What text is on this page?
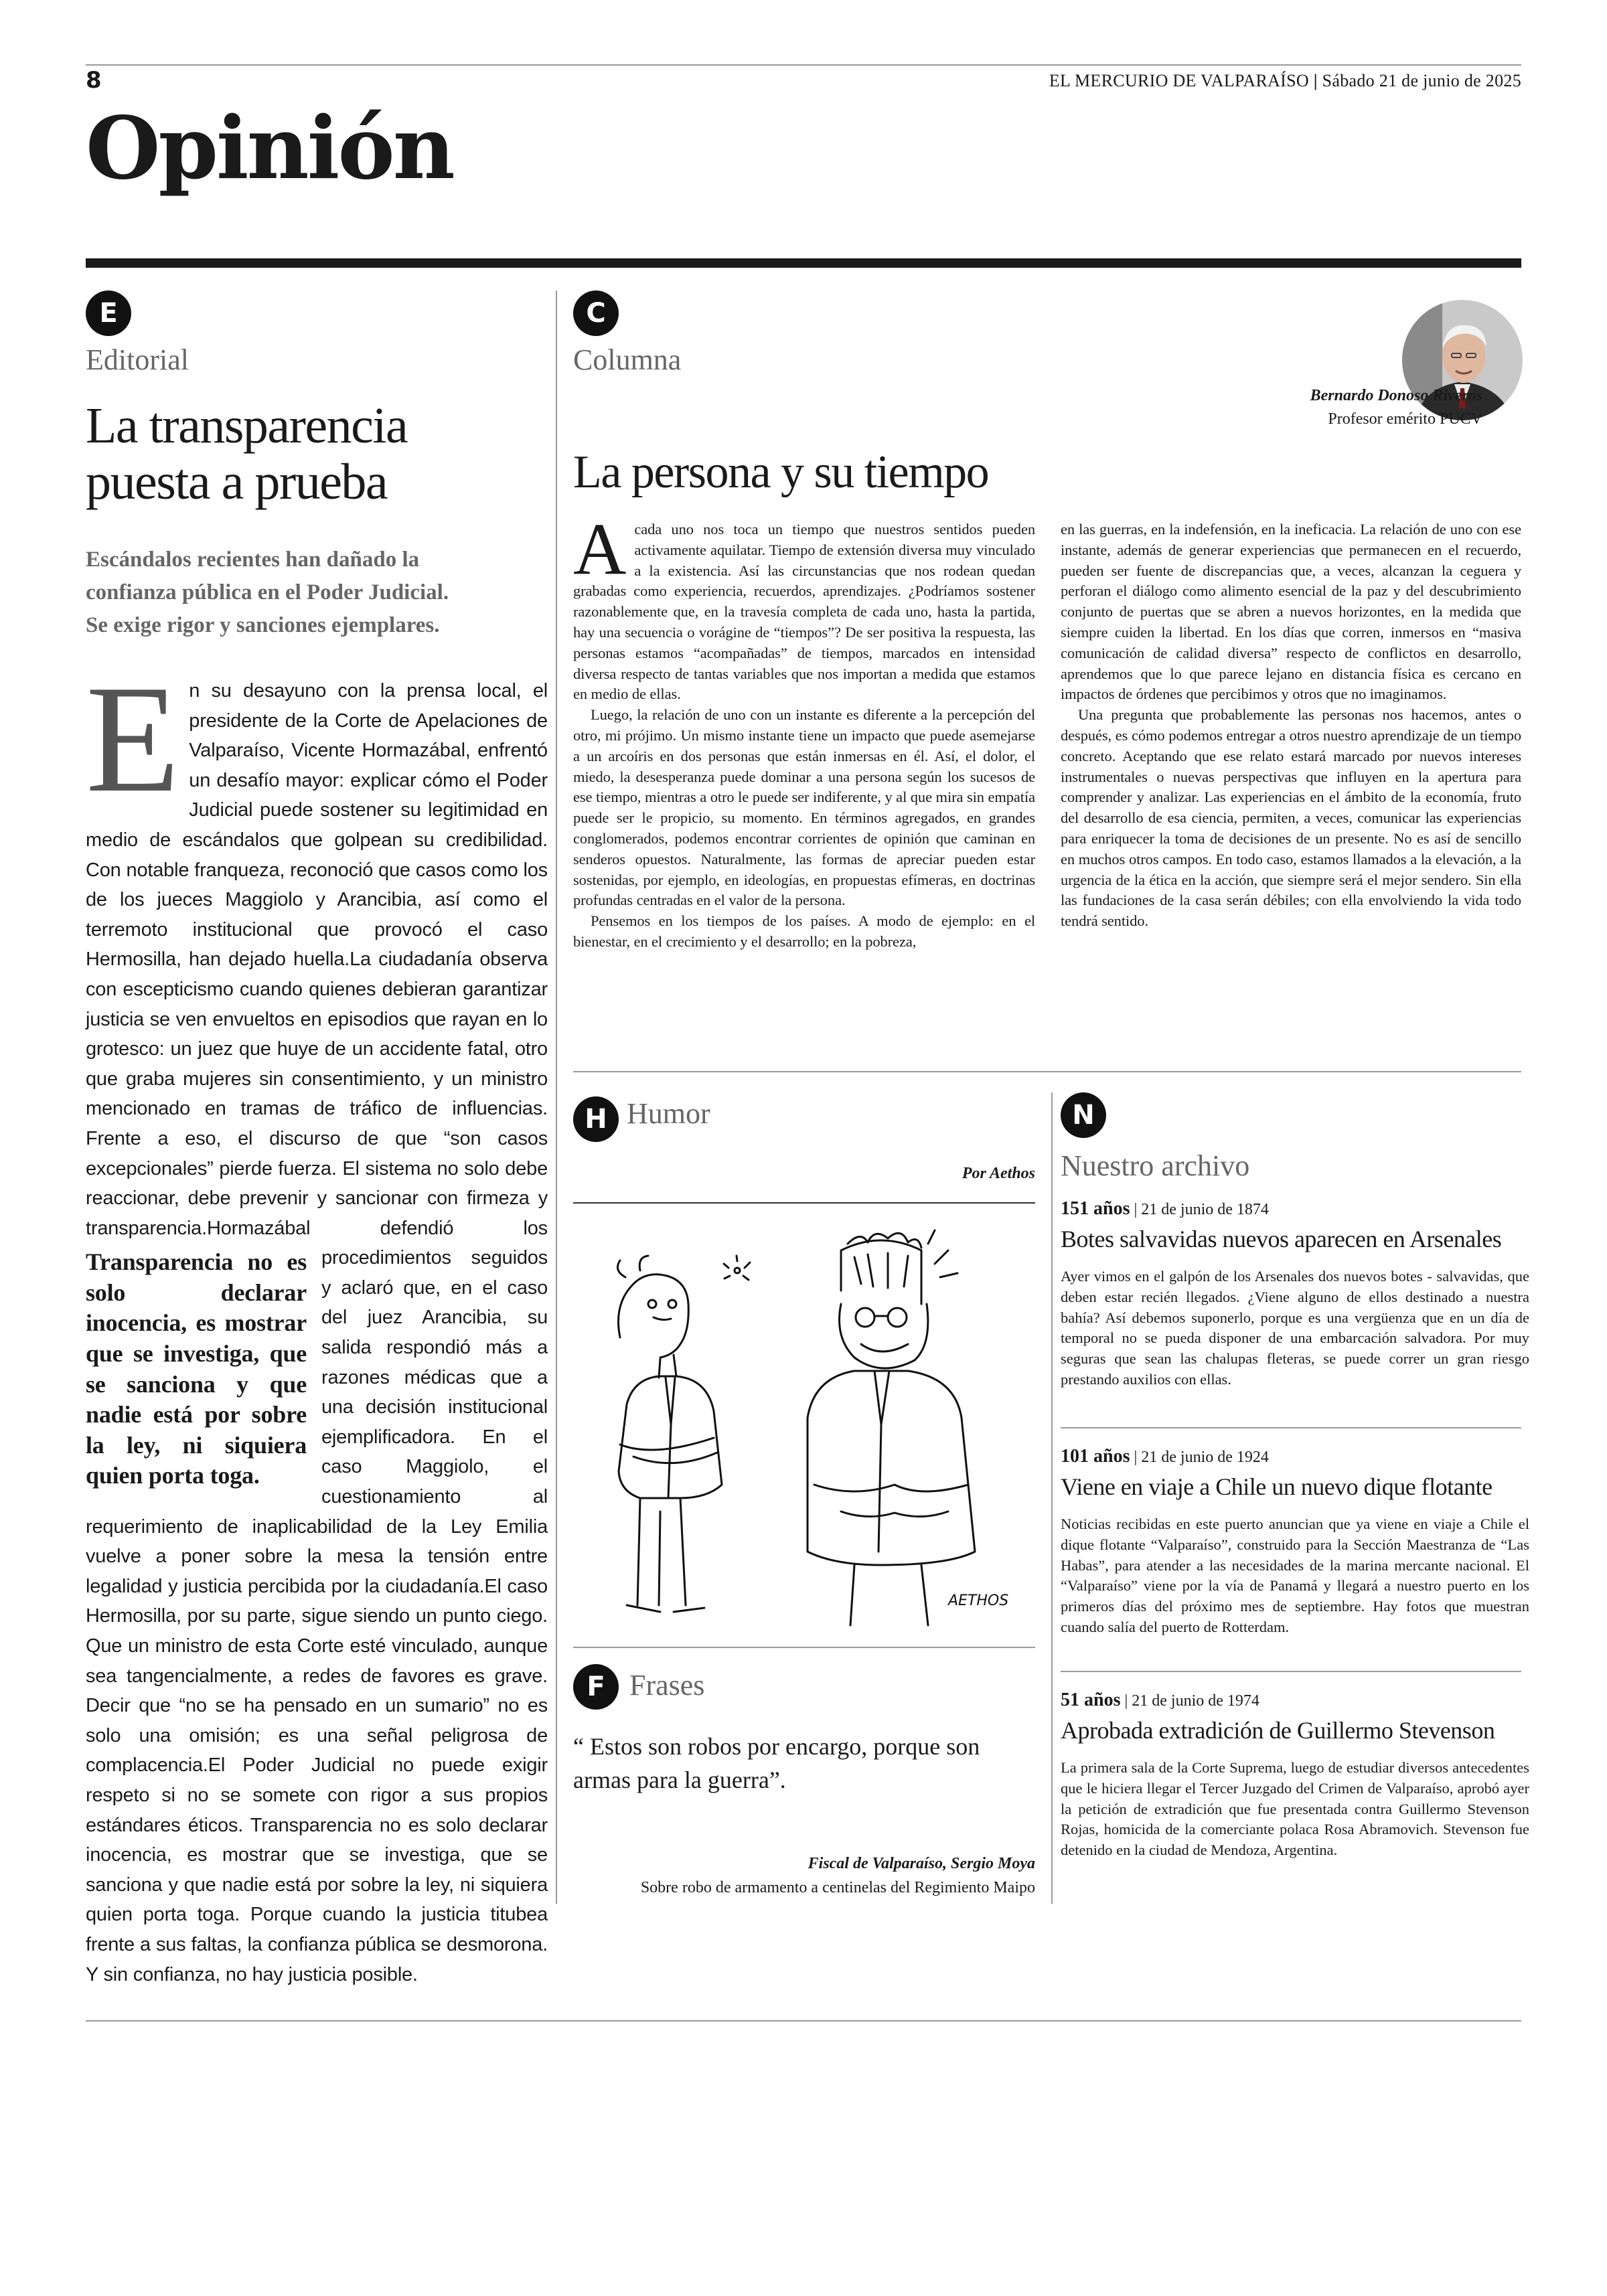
8	EL MERCURIO DE VALPARAÍSO | Sábado 21 de junio de 2025
Opinión
E
Editorial
La transparencia
puesta a prueba
Escándalos recientes han dañado la
confianza pública en el Poder Judicial.
Se exige rigor y sanciones ejemplares.
E n su desayuno con la prensa local, el presidente de la Corte de Apelaciones de Valparaíso, Vicente Hormazábal, enfrentó un desafío mayor: explicar cómo el Poder Judicial puede sostener su legitimidad en medio de escándalos que golpean su credibilidad. Con notable franqueza, reconoció que casos como los de los jueces Maggiolo y Arancibia, así como el terremoto institucional que provocó el caso Hermosilla, han dejado huella.La ciudadanía observa con escepticismo cuando quienes debieran garantizar justicia se ven envueltos en episodios que rayan en lo grotesco: un juez que huye de un accidente fatal, otro que graba mujeres sin consentimiento, y un ministro mencionado en tramas de tráfico de influencias. Frente a eso, el discurso de que “son casos excepcionales” pierde fuerza. El sistema no solo debe reaccionar, debe prevenir y sancionar con firmeza y transparencia.Hormazábal defendió
Transparencia no es solo declarar inocencia, es mostrar que se investiga, que se sanciona y que nadie está por sobre la ley, ni siquiera quien porta toga.
los procedimientos seguidos y aclaró que, en el caso del juez Arancibia, su salida respondió más a razones médicas que a una decisión institucional ejemplificadora. En el caso Maggiolo, el cuestionamiento al requerimiento de inaplicabilidad de la Ley Emilia vuelve a poner sobre la mesa la tensión entre legalidad y justicia percibida por la ciudadanía.El caso Hermosilla, por su parte, sigue siendo un punto ciego. Que un ministro de esta Corte esté vinculado, aunque sea tangencialmente, a redes de favores es grave. Decir que “no se ha pensado en un sumario” no es solo una omisión; es una señal peligrosa de complacencia.El Poder Judicial no puede exigir respeto si no se somete con rigor a sus propios estándares éticos. Transparencia no es solo declarar inocencia, es mostrar que se investiga, que se sanciona y que nadie está por sobre la ley, ni siquiera quien porta toga. Porque cuando la justicia titubea frente a sus faltas, la confianza pública se desmorona. Y sin confianza, no hay justicia posible.
C
Columna
Bernardo Donoso Riveros
Profesor emérito PUCV
La persona y su tiempo

Acada uno nos toca un tiempo que nuestros sentidos pueden activamente aquilatar. Tiempo de extensión diversa muy vinculado a la existencia. Así las circunstancias que nos rodean quedan grabadas como experiencia, recuerdos, aprendizajes. ¿Podríamos sostener razonablemente que, en la travesía completa de cada uno, hasta la partida, hay una secuencia o vorágine de “tiempos”? De ser positiva la respuesta, las personas estamos “acompañadas” de tiempos, marcados en intensidad diversa respecto de tantas variables que nos importan a medida que estamos en medio de ellas.

Luego, la relación de uno con un instante es diferente a la percepción del otro, mi prójimo. Un mismo instante tiene un impacto que puede asemejarse a un arcoíris en dos personas que están inmersas en él. Así, el dolor, el miedo, la desesperanza puede dominar a una persona según los sucesos de ese tiempo, mientras a otro le puede ser indiferente, y al que mira sin empatía puede ser le propicio, su momento. En términos agregados, en grandes conglomerados, podemos encontrar corrientes de opinión que caminan en senderos opuestos. Naturalmente, las formas de apreciar pueden estar sostenidas, por ejemplo, en ideologías, en propuestas efímeras, en doctrinas profundas centradas en el valor de la persona.

Pensemos en los tiempos de los países. A modo de ejemplo: en el bienestar, en el crecimiento y el desarrollo; en la pobreza,

en las guerras, en la indefensión, en la ineficacia. La relación de uno con ese instante, además de generar experiencias que permanecen en el recuerdo, pueden ser fuente de discrepancias que, a veces, alcanzan la ceguera y perforan el diálogo como alimento esencial de la paz y del descubrimiento conjunto de puertas que se abren a nuevos horizontes, en la medida que siempre cuiden la libertad. En los días que corren, inmersos en “masiva comunicación de calidad diversa” respecto de conflictos en desarrollo, aprendemos que lo que parece lejano en distancia física es cercano en impactos de órdenes que percibimos y otros que no imaginamos.

Una pregunta que probablemente las personas nos hacemos, antes o después, es cómo podemos entregar a otros nuestro aprendizaje de un tiempo concreto. Aceptando que ese relato estará marcado por nuevos intereses instrumentales o nuevas perspectivas que influyen en la apertura para comprender y analizar. Las experiencias en el ámbito de la economía, fruto del desarrollo de esa ciencia, permiten, a veces, comunicar las experiencias para enriquecer la toma de decisiones de un presente. No es así de sencillo en muchos otros campos. En todo caso, estamos llamados a la elevación, a la urgencia de la ética en la acción, que siempre será el mejor sendero. Sin ella las fundaciones de la casa serán débiles; con ella envolviendo la vida todo tendrá sentido.

H Humor
Por Aethos
AETHOS
F Frases
“ Estos son robos por encargo, porque son armas para la guerra”.
Fiscal de Valparaíso, Sergio Moya
Sobre robo de armamento a centinelas del Regimiento Maipo
N
Nuestro archivo
151 años | 21 de junio de 1874
Botes salvavidas nuevos aparecen en Arsenales
Ayer vimos en el galpón de los Arsenales dos nuevos botes - salvavidas, que deben estar recién llegados. ¿Viene alguno de ellos destinado a nuestra bahía? Así debemos suponerlo, porque es una vergüenza que en un día de temporal no se pueda disponer de una embarcación salvadora. Por muy seguras que sean las chalupas fleteras, se puede correr un gran riesgo prestando auxilios con ellas.
101 años | 21 de junio de 1924
Viene en viaje a Chile un nuevo dique flotante
Noticias recibidas en este puerto anuncian que ya viene en viaje a Chile el dique flotante “Valparaíso”, construido para la Sección Maestranza de “Las Habas”, para atender a las necesidades de la marina mercante nacional. El “Valparaíso” viene por la vía de Panamá y llegará a nuestro puerto en los primeros días del próximo mes de septiembre. Hay fotos que muestran cuando salía del puerto de Rotterdam.
51 años | 21 de junio de 1974
Aprobada extradición de Guillermo Stevenson
La primera sala de la Corte Suprema, luego de estudiar diversos antecedentes que le hiciera llegar el Tercer Juzgado del Crimen de Valparaíso, aprobó ayer la petición de extradición que fue presentada contra Guillermo Stevenson Rojas, homicida de la comerciante polaca Rosa Abramovich. Stevenson fue detenido en la ciudad de Mendoza, Argentina.
